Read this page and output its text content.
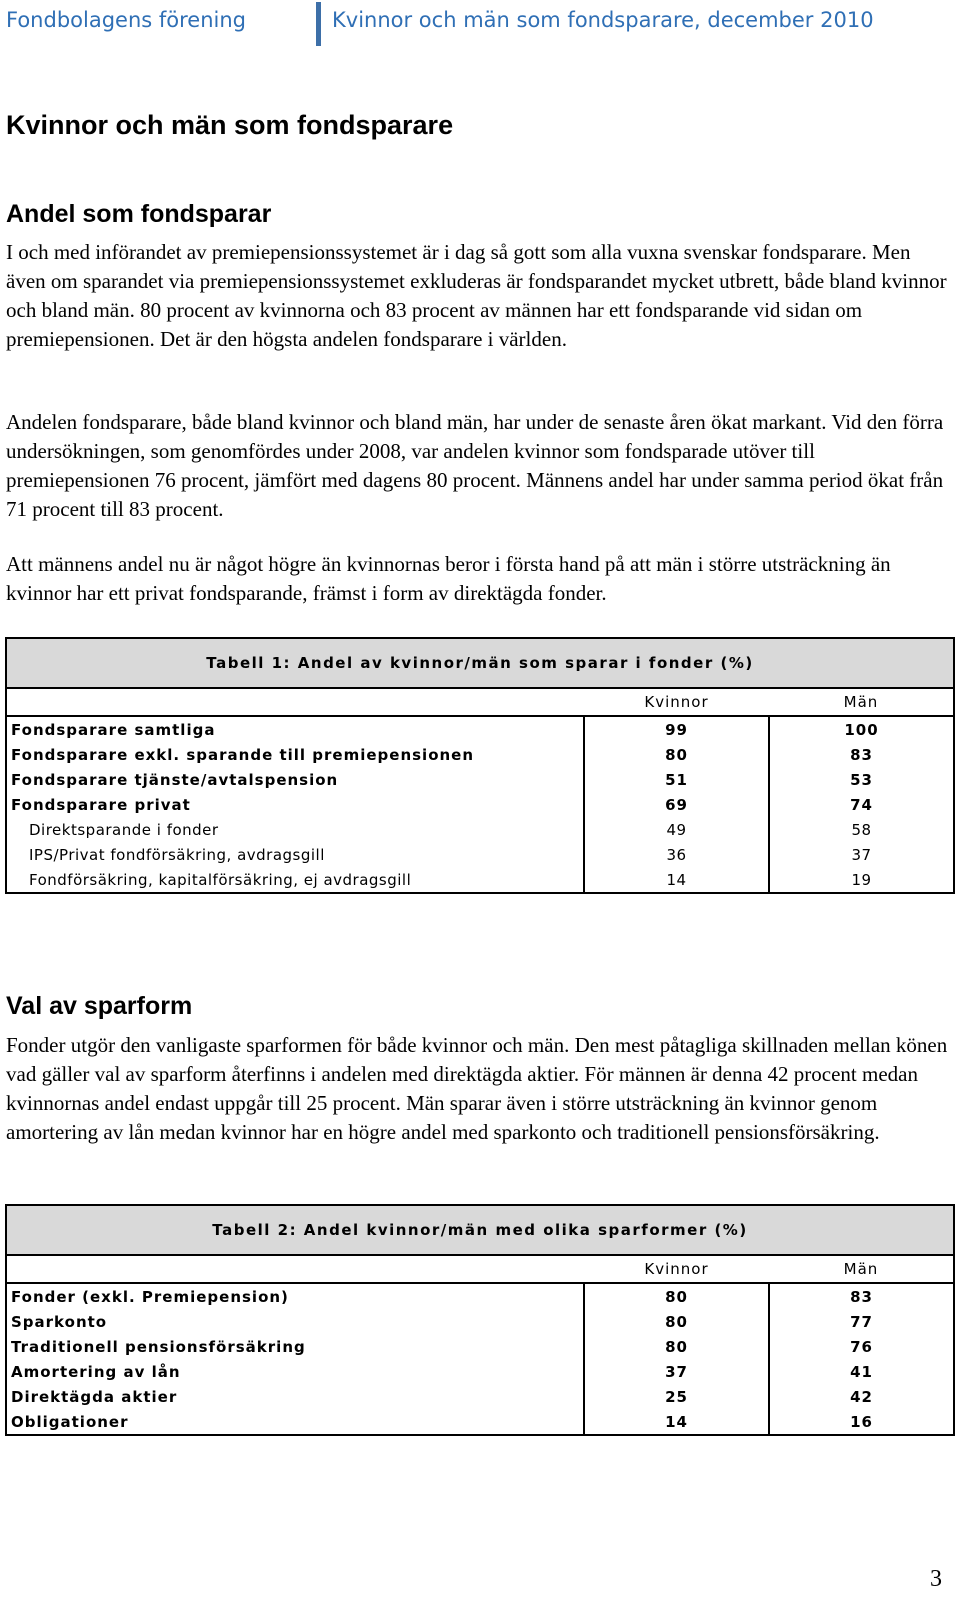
Fondbolagens förening	Kvinnor och män som fondsparare, december 2010
Kvinnor och män som fondsparare
Andel som fondsparar

I och med införandet av premiepensionssystemet är i dag så gott som alla vuxna svenskar fondsparare. Men även om sparandet via premiepensionssystemet exkluderas är fondsparandet mycket utbrett, både bland kvinnor och bland män. 80 procent av kvinnorna och 83 procent av männen har ett fondsparande vid sidan om premiepensionen. Det är den högsta andelen fondsparare i världen.

Andelen fondsparare, både bland kvinnor och bland män, har under de senaste åren ökat markant. Vid den förra undersökningen, som genomfördes under 2008, var andelen kvinnor som fondsparade utöver till premiepensionen 76 procent, jämfört med dagens 80 procent. Männens andel har under samma period ökat från 71 procent till 83 procent.

Att männens andel nu är något högre än kvinnornas beror i första hand på att män i större utsträckning än kvinnor har ett privat fondsparande, främst i form av direktägda fonder.

Tabell 1: Andel av kvinnor/män som sparar i fonder (%)		
	Kvinnor	Män
Fondsparare samtliga	99	100
Fondsparare exkl. sparande till premiepensionen	80	83
Fondsparare tjänste/avtalspension	51	53
Fondsparare privat	69	74
Direktsparande i fonder	49	58
IPS/Privat fondförsäkring, avdragsgill	36	37
Fondförsäkring, kapitalförsäkring, ej avdragsgill	14	19
Val av sparform

Fonder utgör den vanligaste sparformen för både kvinnor och män. Den mest påtagliga skillnaden mellan könen vad gäller val av sparform återfinns i andelen med direktägda aktier. För männen är denna 42 procent medan kvinnornas andel endast uppgår till 25 procent. Män sparar även i större utsträckning än kvinnor genom amortering av lån medan kvinnor har en högre andel med sparkonto och traditionell pensionsförsäkring.

Tabell 2: Andel kvinnor/män med olika sparformer (%)		
	Kvinnor	Män
Fonder (exkl. Premiepension)	80	83
Sparkonto	80	77
Traditionell pensionsförsäkring	80	76
Amortering av lån	37	41
Direktägda aktier	25	42
Obligationer	14	16
3
